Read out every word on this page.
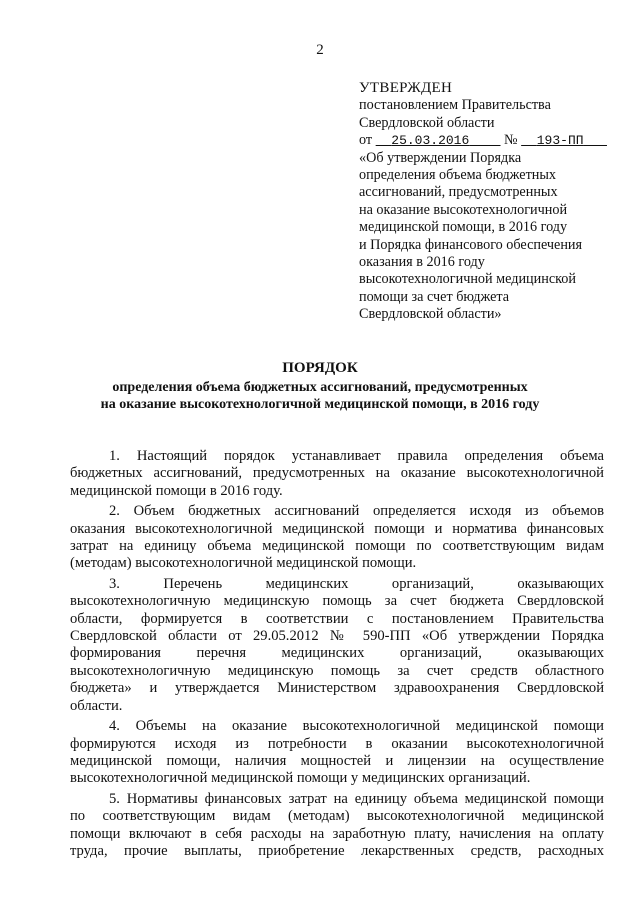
2
УТВЕРЖДЕН
постановлением Правительства
Свердловской области
от 25.03.2016 № 193-ПП
«Об утверждении Порядка
определения объема бюджетных
ассигнований, предусмотренных
на оказание высокотехнологичной
медицинской помощи, в 2016 году
и Порядка финансового обеспечения
оказания в 2016 году
высокотехнологичной медицинской
помощи за счет бюджета
Свердловской области»
ПОРЯДОК
определения объема бюджетных ассигнований, предусмотренных
на оказание высокотехнологичной медицинской помощи, в 2016 году
1. Настоящий порядок устанавливает правила определения объема
бюджетных ассигнований, предусмотренных на оказание высокотехнологичной
медицинской помощи в 2016 году.
2. Объем бюджетных ассигнований определяется исходя из объемов
оказания высокотехнологичной медицинской помощи и норматива финансовых
затрат на единицу объема медицинской помощи по соответствующим видам
(методам) высокотехнологичной медицинской помощи.
3. Перечень медицинских организаций, оказывающих
высокотехнологичную медицинскую помощь за счет бюджета Свердловской
области, формируется в соответствии с постановлением Правительства
Свердловской области от 29.05.2012 № 590-ПП «Об утверждении Порядка
формирования перечня медицинских организаций, оказывающих
высокотехнологичную медицинскую помощь за счет средств областного
бюджета» и утверждается Министерством здравоохранения Свердловской
области.
4. Объемы на оказание высокотехнологичной медицинской помощи
формируются исходя из потребности в оказании высокотехнологичной
медицинской помощи, наличия мощностей и лицензии на осуществление
высокотехнологичной медицинской помощи у медицинских организаций.
5. Нормативы финансовых затрат на единицу объема медицинской помощи
по соответствующим видам (методам) высокотехнологичной медицинской
помощи включают в себя расходы на заработную плату, начисления на оплату
труда, прочие выплаты, приобретение лекарственных средств, расходных
